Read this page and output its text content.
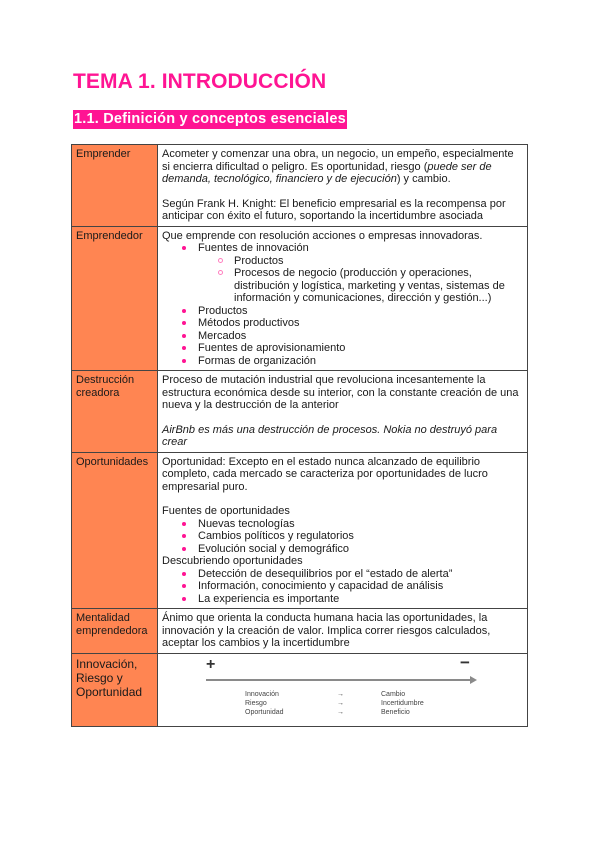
TEMA 1. INTRODUCCIÓN
1.1. Definición y conceptos esenciales
Emprender	Acometer y comenzar una obra, un negocio, un empeño, especialmente si encierra dificultad o peligro. Es oportunidad, riesgo (puede ser de demanda, tecnológico, financiero y de ejecución) y cambio.

Según Frank H. Knight: El beneficio empresarial es la recompensa por anticipar con éxito el futuro, soportando la incertidumbre asociada

Emprendedor	Que emprende con resolución acciones o empresas innovadoras.

Fuentes de innovación
Productos
Procesos de negocio (producción y operaciones, distribución y logística, marketing y ventas, sistemas de información y comunicaciones, dirección y gestión...)
Productos
Métodos productivos
Mercados
Fuentes de aprovisionamiento
Formas de organización

Destrucción creadora	Proceso de mutación industrial que revoluciona incesantemente la estructura económica desde su interior, con la constante creación de una nueva y la destrucción de la anterior

AirBnb es más una destrucción de procesos. Nokia no destruyó para crear

Oportunidades	Oportunidad: Excepto en el estado nunca alcanzado de equilibrio completo, cada mercado se caracteriza por oportunidades de lucro empresarial puro.

Fuentes de oportunidades

Nuevas tecnologías
Cambios políticos y regulatorios
Evolución social y demográfico

Descubriendo oportunidades

Detección de desequilibrios por el “estado de alerta”
Información, conocimiento y capacidad de análisis
La experiencia es importante

Mentalidad emprendedora	Ánimo que orienta la conducta humana hacia las oportunidades, la innovación y la creación de valor. Implica correr riesgos calculados, aceptar los cambios y la incertidumbre

Innovación, Riesgo y Oportunidad	
+	−
Innovación	→	Cambio
Riesgo	→	Incertidumbre
Oportunidad	→	Beneficio
